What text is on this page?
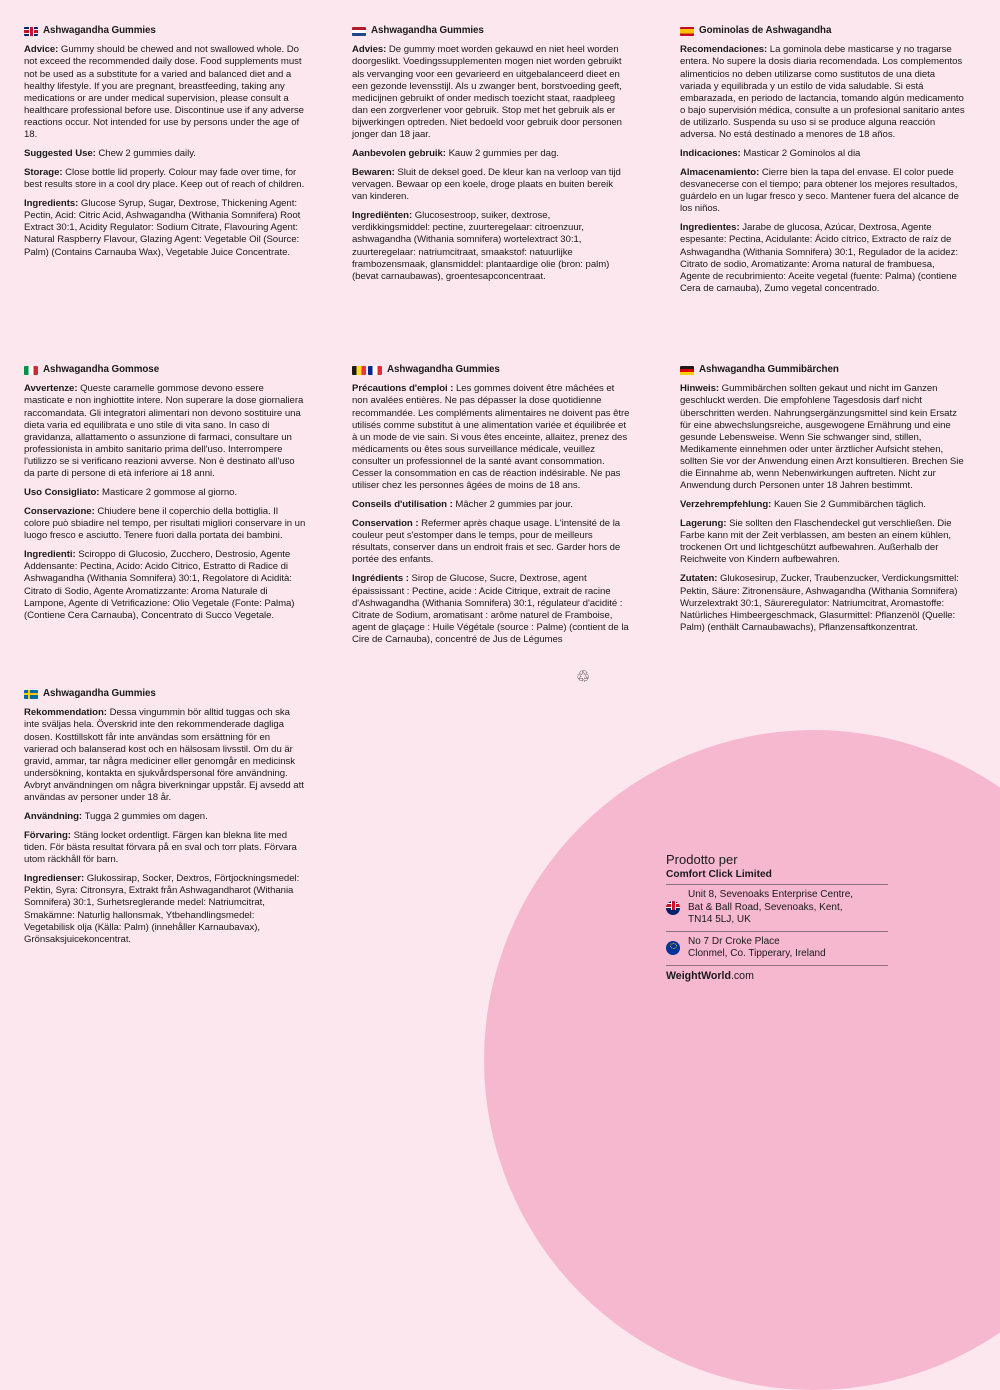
Ashwagandha Gummies

Advice: Gummy should be chewed and not swallowed whole. Do not exceed the recommended daily dose. Food supplements must not be used as a substitute for a varied and balanced diet and a healthy lifestyle. If you are pregnant, breastfeeding, taking any medications or are under medical supervision, please consult a healthcare professional before use. Discontinue use if any adverse reactions occur. Not intended for use by persons under the age of 18.

Suggested Use: Chew 2 gummies daily.

Storage: Close bottle lid properly. Colour may fade over time, for best results store in a cool dry place. Keep out of reach of children.

Ingredients: Glucose Syrup, Sugar, Dextrose, Thickening Agent: Pectin, Acid: Citric Acid, Ashwagandha (Withania Somnifera) Root Extract 30:1, Acidity Regulator: Sodium Citrate, Flavouring Agent: Natural Raspberry Flavour, Glazing Agent: Vegetable Oil (Source: Palm) (Contains Carnauba Wax), Vegetable Juice Concentrate.

Ashwagandha Gummies

Advies: De gummy moet worden gekauwd en niet heel worden doorgeslikt. Voedingssupplementen mogen niet worden gebruikt als vervanging voor een gevarieerd en uitgebalanceerd dieet en een gezonde levensstijl. Als u zwanger bent, borstvoeding geeft, medicijnen gebruikt of onder medisch toezicht staat, raadpleeg dan een zorgverlener voor gebruik. Stop met het gebruik als er bijwerkingen optreden. Niet bedoeld voor gebruik door personen jonger dan 18 jaar.

Aanbevolen gebruik: Kauw 2 gummies per dag.

Bewaren: Sluit de deksel goed. De kleur kan na verloop van tijd vervagen. Bewaar op een koele, droge plaats en buiten bereik van kinderen.

Ingrediënten: Glucosestroop, suiker, dextrose, verdikkingsmiddel: pectine, zuurteregelaar: citroenzuur, ashwagandha (Withania somnifera) wortelextract 30:1, zuurteregelaar: natriumcitraat, smaakstof: natuurlijke frambozensmaak, glansmiddel: plantaardige olie (bron: palm) (bevat carnaubawas), groentesapconcentraat.

Gominolas de Ashwagandha

Recomendaciones: La gominola debe masticarse y no tragarse entera. No supere la dosis diaria recomendada. Los complementos alimenticios no deben utilizarse como sustitutos de una dieta variada y equilibrada y un estilo de vida saludable. Si está embarazada, en periodo de lactancia, tomando algún medicamento o bajo supervisión médica, consulte a un profesional sanitario antes de utilizarlo. Suspenda su uso si se produce alguna reacción adversa. No está destinado a menores de 18 años.

Indicaciones: Masticar 2 Gominolos al dia

Almacenamiento: Cierre bien la tapa del envase. El color puede desvanecerse con el tiempo; para obtener los mejores resultados, guárdelo en un lugar fresco y seco. Mantener fuera del alcance de los niños.

Ingredientes: Jarabe de glucosa, Azúcar, Dextrosa, Agente espesante: Pectina, Acidulante: Ácido cítrico, Extracto de raíz de Ashwagandha (Withania Somnifera) 30:1, Regulador de la acidez: Citrato de sodio, Aromatizante: Aroma natural de frambuesa, Agente de recubrimiento: Aceite vegetal (fuente: Palma) (contiene Cera de carnauba), Zumo vegetal concentrado.

Ashwagandha Gommose

Avvertenze: Queste caramelle gommose devono essere masticate e non inghiottite intere. Non superare la dose giornaliera raccomandata. Gli integratori alimentari non devono sostituire una dieta varia ed equilibrata e uno stile di vita sano. In caso di gravidanza, allattamento o assunzione di farmaci, consultare un professionista in ambito sanitario prima dell'uso. Interrompere l'utilizzo se si verificano reazioni avverse. Non è destinato all'uso da parte di persone di età inferiore ai 18 anni.

Uso Consigliato: Masticare 2 gommose al giorno.

Conservazione: Chiudere bene il coperchio della bottiglia. Il colore può sbiadire nel tempo, per risultati migliori conservare in un luogo fresco e asciutto. Tenere fuori dalla portata dei bambini.

Ingredienti: Sciroppo di Glucosio, Zucchero, Destrosio, Agente Addensante: Pectina, Acido: Acido Citrico, Estratto di Radice di Ashwagandha (Withania Somnifera) 30:1, Regolatore di Acidità: Citrato di Sodio, Agente Aromatizzante: Aroma Naturale di Lampone, Agente di Vetrificazione: Olio Vegetale (Fonte: Palma) (Contiene Cera Carnauba), Concentrato di Succo Vegetale.

Ashwagandha Gummies

Précautions d'emploi : Les gommes doivent être mâchées et non avalées entières. Ne pas dépasser la dose quotidienne recommandée. Les compléments alimentaires ne doivent pas être utilisés comme substitut à une alimentation variée et équilibrée et à un mode de vie sain. Si vous êtes enceinte, allaitez, prenez des médicaments ou êtes sous surveillance médicale, veuillez consulter un professionnel de la santé avant consommation. Cesser la consommation en cas de réaction indésirable. Ne pas utiliser chez les personnes âgées de moins de 18 ans.

Conseils d'utilisation : Mâcher 2 gummies par jour.

Conservation : Refermer après chaque usage. L'intensité de la couleur peut s'estomper dans le temps, pour de meilleurs résultats, conserver dans un endroit frais et sec. Garder hors de portée des enfants.

Ingrédients : Sirop de Glucose, Sucre, Dextrose, agent épaississant : Pectine, acide : Acide Citrique, extrait de racine d'Ashwagandha (Withania Somnifera) 30:1, régulateur d'acidité : Citrate de Sodium, aromatisant : arôme naturel de Framboise, agent de glaçage : Huile Végétale (source : Palme) (contient de la Cire de Carnauba), concentré de Jus de Légumes

♲
Ashwagandha Gummibärchen

Hinweis: Gummibärchen sollten gekaut und nicht im Ganzen geschluckt werden. Die empfohlene Tagesdosis darf nicht überschritten werden. Nahrungsergänzungsmittel sind kein Ersatz für eine abwechslungsreiche, ausgewogene Ernährung und eine gesunde Lebensweise. Wenn Sie schwanger sind, stillen, Medikamente einnehmen oder unter ärztlicher Aufsicht stehen, sollten Sie vor der Anwendung einen Arzt konsultieren. Brechen Sie die Einnahme ab, wenn Nebenwirkungen auftreten. Nicht zur Anwendung durch Personen unter 18 Jahren bestimmt.

Verzehrempfehlung: Kauen Sie 2 Gummibärchen täglich.

Lagerung: Sie sollten den Flaschendeckel gut verschließen. Die Farbe kann mit der Zeit verblassen, am besten an einem kühlen, trockenen Ort und lichtgeschützt aufbewahren. Außerhalb der Reichweite von Kindern aufbewahren.

Zutaten: Glukosesirup, Zucker, Traubenzucker, Verdickungsmittel: Pektin, Säure: Zitronensäure, Ashwagandha (Withania Somnifera) Wurzelextrakt 30:1, Säureregulator: Natriumcitrat, Aromastoffe: Natürliches Himbeergeschmack, Glasurmittel: Pflanzenöl (Quelle: Palm) (enthält Carnaubawachs), Pflanzensaftkonzentrat.

Ashwagandha Gummies

Rekommendation: Dessa vingummin bör alltid tuggas och ska inte sväljas hela. Överskrid inte den rekommenderade dagliga dosen. Kosttillskott får inte användas som ersättning för en varierad och balanserad kost och en hälsosam livsstil. Om du är gravid, ammar, tar några mediciner eller genomgår en medicinsk undersökning, kontakta en sjukvårdspersonal före användning. Avbryt användningen om några biverkningar uppstår. Ej avsedd att användas av personer under 18 år.

Användning: Tugga 2 gummies om dagen.

Förvaring: Stäng locket ordentligt. Färgen kan blekna lite med tiden. För bästa resultat förvara på en sval och torr plats. Förvara utom räckhåll för barn.

Ingredienser: Glukossirap, Socker, Dextros, Förtjockningsmedel: Pektin, Syra: Citronsyra, Extrakt från Ashwagandharot (Withania Somnifera) 30:1, Surhetsreglerande medel: Natriumcitrat, Smakämne: Naturlig hallonsmak, Ytbehandlingsmedel: Vegetabilisk olja (Källa: Palm) (innehåller Karnaubavax), Grönsaksjuicekoncentrat.

Prodotto per
Comfort Click Limited
Unit 8, Sevenoaks Enterprise Centre,
Bat & Ball Road, Sevenoaks, Kent,
TN14 5LJ, UK
No 7 Dr Croke Place
Clonmel, Co. Tipperary, Ireland
WeightWorld.com
